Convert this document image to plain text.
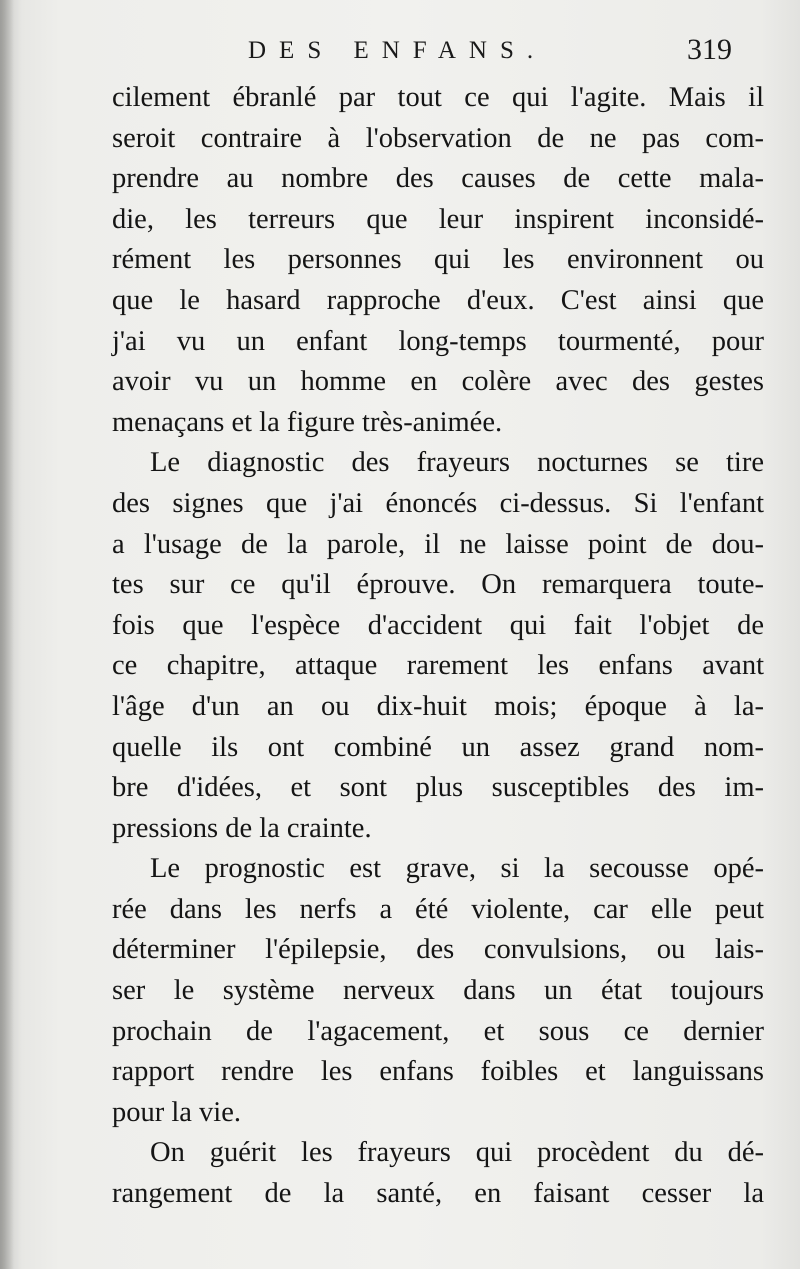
DES ENFANS.	319
cilement ébranlé par tout ce qui l'agite. Mais il
seroit contraire à l'observation de ne pas com-
prendre au nombre des causes de cette mala-
die, les terreurs que leur inspirent inconsidé-
rément les personnes qui les environnent ou
que le hasard rapproche d'eux. C'est ainsi que
j'ai vu un enfant long-temps tourmenté, pour
avoir vu un homme en colère avec des gestes
menaçans et la figure très-animée.
Le diagnostic des frayeurs nocturnes se tire
des signes que j'ai énoncés ci-dessus. Si l'enfant
a l'usage de la parole, il ne laisse point de dou-
tes sur ce qu'il éprouve. On remarquera toute-
fois que l'espèce d'accident qui fait l'objet de
ce chapitre, attaque rarement les enfans avant
l'âge d'un an ou dix-huit mois; époque à la-
quelle ils ont combiné un assez grand nom-
bre d'idées, et sont plus susceptibles des im-
pressions de la crainte.
Le prognostic est grave, si la secousse opé-
rée dans les nerfs a été violente, car elle peut
déterminer l'épilepsie, des convulsions, ou lais-
ser le système nerveux dans un état toujours
prochain de l'agacement, et sous ce dernier
rapport rendre les enfans foibles et languissans
pour la vie.
On guérit les frayeurs qui procèdent du dé-
rangement de la santé, en faisant cesser la
